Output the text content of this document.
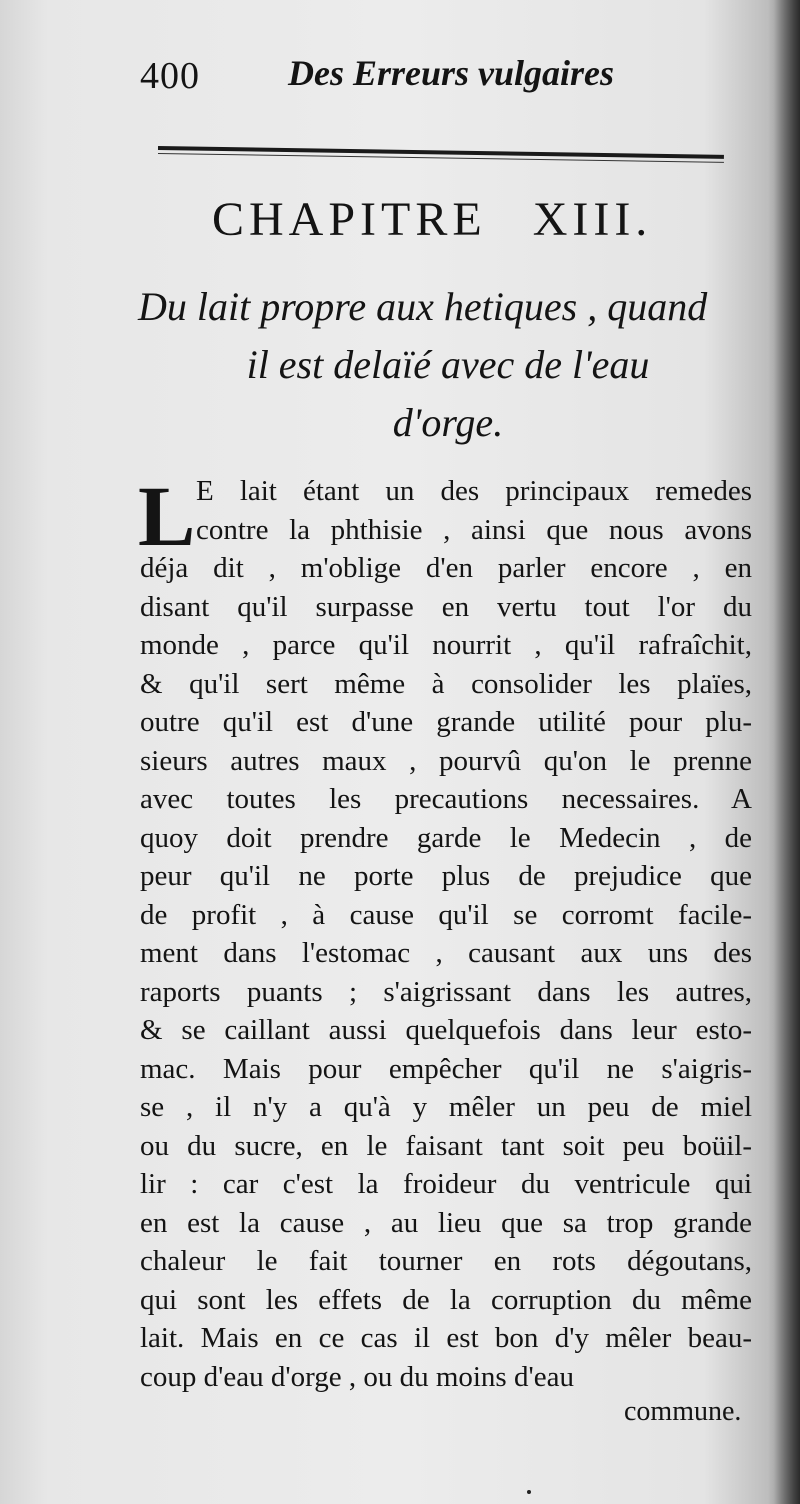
400 Des Erreurs vulgaires
CHAPITRE XIII.
Du lait propre aux hetiques , quand
il est delaïé avec de l'eau
d'orge.
L E lait étant un des principaux remedes
contre la phthisie , ainsi que nous avons
déja dit , m'oblige d'en parler encore , en
disant qu'il surpasse en vertu tout l'or du
monde , parce qu'il nourrit , qu'il rafraîchit,
& qu'il sert même à consolider les plaïes,
outre qu'il est d'une grande utilité pour plu-
sieurs autres maux , pourvû qu'on le prenne
avec toutes les precautions necessaires. A
quoy doit prendre garde le Medecin , de
peur qu'il ne porte plus de prejudice que
de profit , à cause qu'il se corromt facile-
ment dans l'estomac , causant aux uns des
raports puants ; s'aigrissant dans les autres,
& se caillant aussi quelquefois dans leur esto-
mac. Mais pour empêcher qu'il ne s'aigris-
se , il n'y a qu'à y mêler un peu de miel
ou du sucre, en le faisant tant soit peu boüil-
lir : car c'est la froideur du ventricule qui
en est la cause , au lieu que sa trop grande
chaleur le fait tourner en rots dégoutans,
qui sont les effets de la corruption du même
lait. Mais en ce cas il est bon d'y mêler beau-
coup d'eau d'orge , ou du moins d'eau
commune.
